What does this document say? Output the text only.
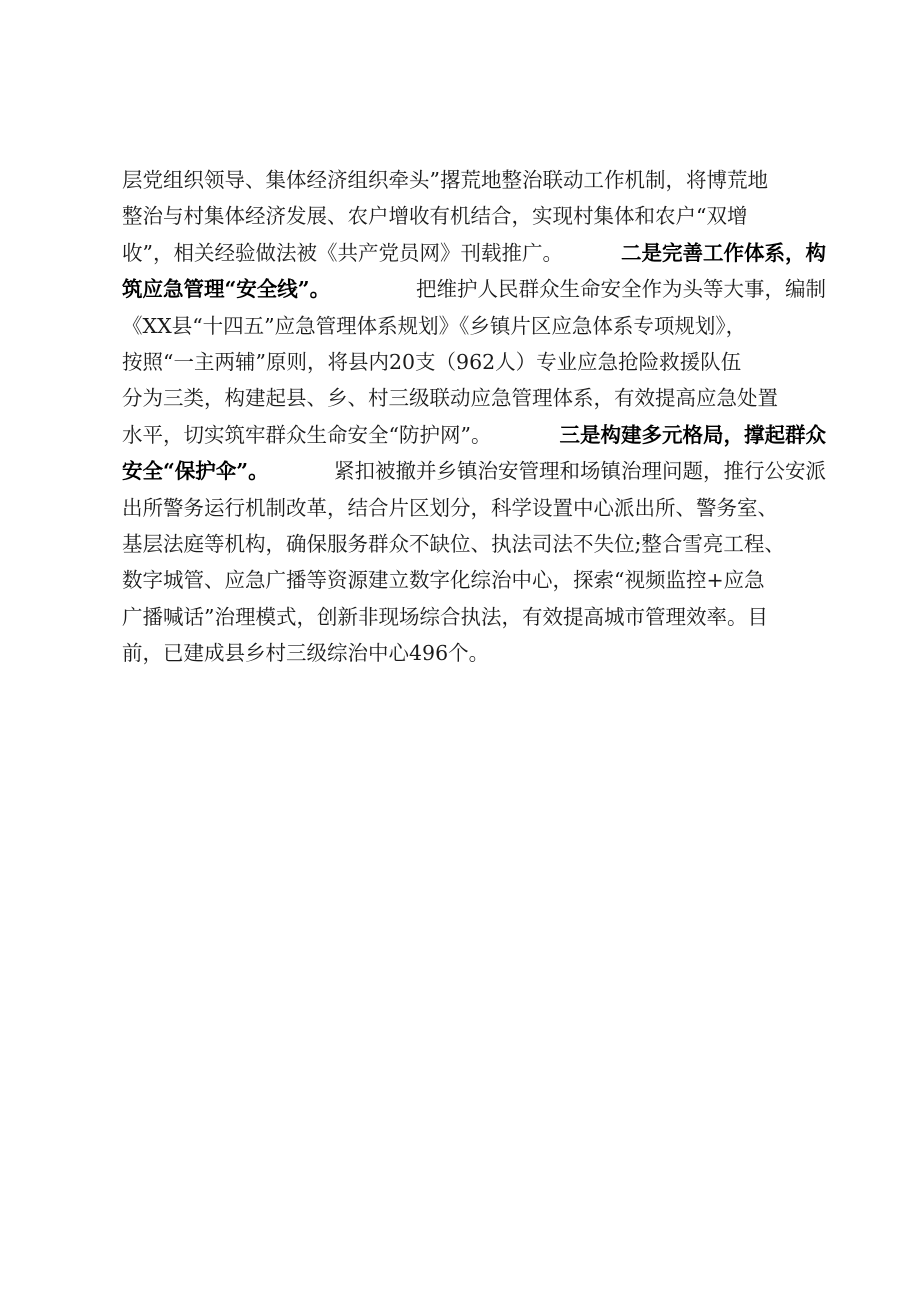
层党组织领导、集体经济组织牵头”撂荒地整治联动工作机制，将博荒地
整治与村集体经济发展、农户增收有机结合，实现村集体和农户“双增
收”，相关经验做法被《共产党员网》刊载推广。	二是完善工作体系，构
筑应急管理“安全线”。	把维护人民群众生命安全作为头等大事，编制
《XX县“十四五”应急管理体系规划》《乡镇片区应急体系专项规划》，
按照“一主两辅”原则，将县内20支（962人）专业应急抢险救援队伍
分为三类，构建起县、乡、村三级联动应急管理体系，有效提高应急处置
水平，切实筑牢群众生命安全“防护网”。	三是构建多元格局，撑起群众
安全“保护伞”。	紧扣被撤并乡镇治安管理和场镇治理问题，推行公安派
出所警务运行机制改革，结合片区划分，科学设置中心派出所、警务室、
基层法庭等机构，确保服务群众不缺位、执法司法不失位;整合雪亮工程、
数字城管、应急广播等资源建立数字化综治中心，探索“视频监控+应急
广播喊话”治理模式，创新非现场综合执法，有效提高城市管理效率。目
前，已建成县乡村三级综治中心496个。
